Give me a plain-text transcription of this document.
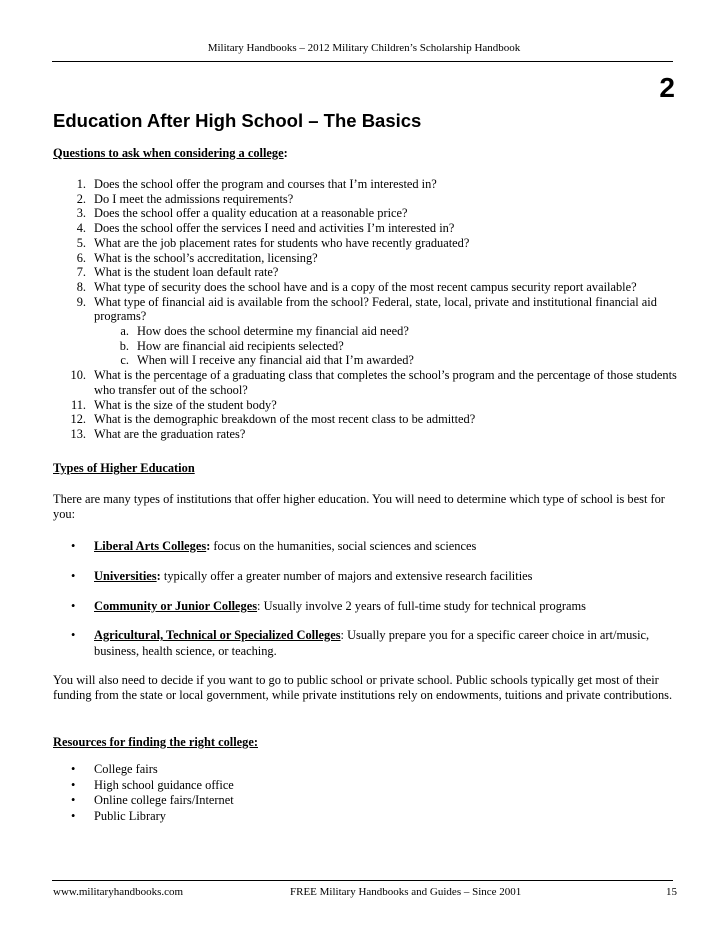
Military Handbooks – 2012 Military Children’s Scholarship Handbook
2
Education After High School – The Basics
Questions to ask when considering a college:
1. Does the school offer the program and courses that I’m interested in?
2. Do I meet the admissions requirements?
3. Does the school offer a quality education at a reasonable price?
4. Does the school offer the services I need and activities I’m interested in?
5. What are the job placement rates for students who have recently graduated?
6. What is the school’s accreditation, licensing?
7. What is the student loan default rate?
8. What type of security does the school have and is a copy of the most recent campus security report available?
9. What type of financial aid is available from the school? Federal, state, local, private and institutional financial aid programs?
a. How does the school determine my financial aid need?
b. How are financial aid recipients selected?
c. When will I receive any financial aid that I’m awarded?
10. What is the percentage of a graduating class that completes the school’s program and the percentage of those students who transfer out of the school?
11. What is the size of the student body?
12. What is the demographic breakdown of the most recent class to be admitted?
13. What are the graduation rates?
Types of Higher Education
There are many types of institutions that offer higher education. You will need to determine which type of school is best for you:
• Liberal Arts Colleges: focus on the humanities, social sciences and sciences
• Universities: typically offer a greater number of majors and extensive research facilities
• Community or Junior Colleges: Usually involve 2 years of full-time study for technical programs
• Agricultural, Technical or Specialized Colleges: Usually prepare you for a specific career choice in art/music, business, health science, or teaching.
You will also need to decide if you want to go to public school or private school. Public schools typically get most of their funding from the state or local government, while private institutions rely on endowments, tuitions and private contributions.
Resources for finding the right college:
• College fairs
• High school guidance office
• Online college fairs/Internet
• Public Library
www.militaryhandbooks.com	FREE Military Handbooks and Guides – Since 2001	15
